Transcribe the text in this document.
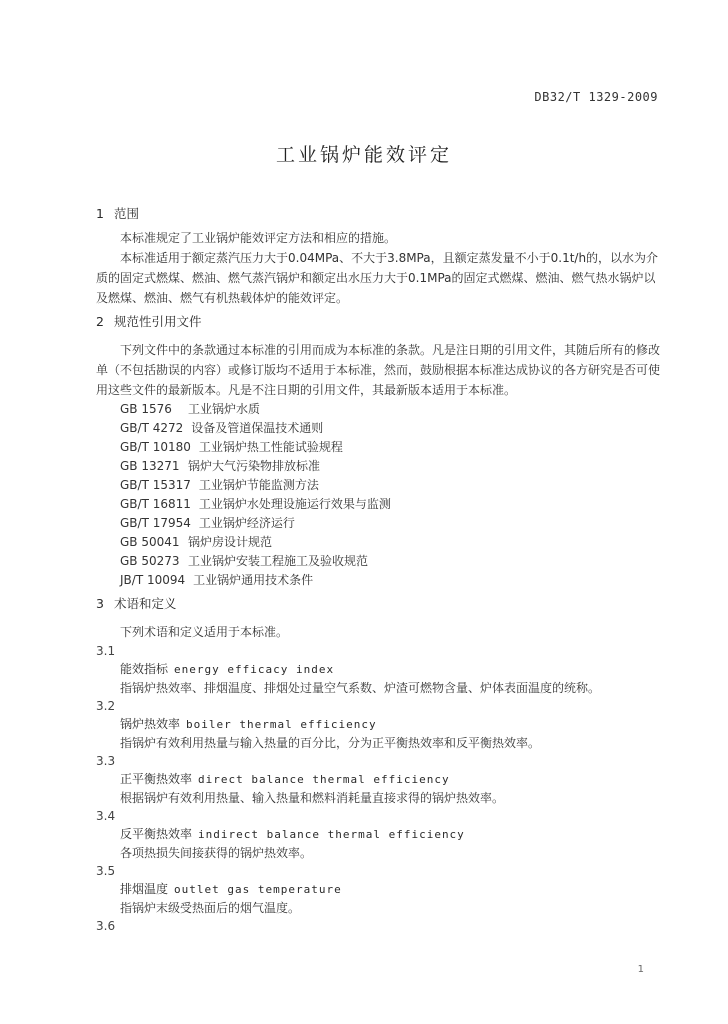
DB32/T 1329-2009
工业锅炉能效评定

1 范围

本标准规定了工业锅炉能效评定方法和相应的措施。

本标准适用于额定蒸汽压力大于0.04MPa、不大于3.8MPa，且额定蒸发量不小于0.1t/h的，以水为介质的固定式燃煤、燃油、燃气蒸汽锅炉和额定出水压力大于0.1MPa的固定式燃煤、燃油、燃气热水锅炉以及燃煤、燃油、燃气有机热载体炉的能效评定。

2 规范性引用文件

下列文件中的条款通过本标准的引用而成为本标准的条款。凡是注日期的引用文件，其随后所有的修改单（不包括勘误的内容）或修订版均不适用于本标准，然而，鼓励根据本标准达成协议的各方研究是否可使用这些文件的最新版本。凡是不注日期的引用文件，其最新版本适用于本标准。

GB 1576 工业锅炉水质
GB/T 4272 设备及管道保温技术通则
GB/T 10180 工业锅炉热工性能试验规程
GB 13271 锅炉大气污染物排放标准
GB/T 15317 工业锅炉节能监测方法
GB/T 16811 工业锅炉水处理设施运行效果与监测
GB/T 17954 工业锅炉经济运行
GB 50041 锅炉房设计规范
GB 50273 工业锅炉安装工程施工及验收规范
JB/T 10094 工业锅炉通用技术条件

3 术语和定义

下列术语和定义适用于本标准。

3.1

能效指标 energy efficacy index

指锅炉热效率、排烟温度、排烟处过量空气系数、炉渣可燃物含量、炉体表面温度的统称。

3.2

锅炉热效率 boiler thermal efficiency

指锅炉有效利用热量与输入热量的百分比，分为正平衡热效率和反平衡热效率。

3.3

正平衡热效率 direct balance thermal efficiency

根据锅炉有效利用热量、输入热量和燃料消耗量直接求得的锅炉热效率。

3.4

反平衡热效率 indirect balance thermal efficiency

各项热损失间接获得的锅炉热效率。

3.5

排烟温度 outlet gas temperature

指锅炉末级受热面后的烟气温度。

3.6

1
